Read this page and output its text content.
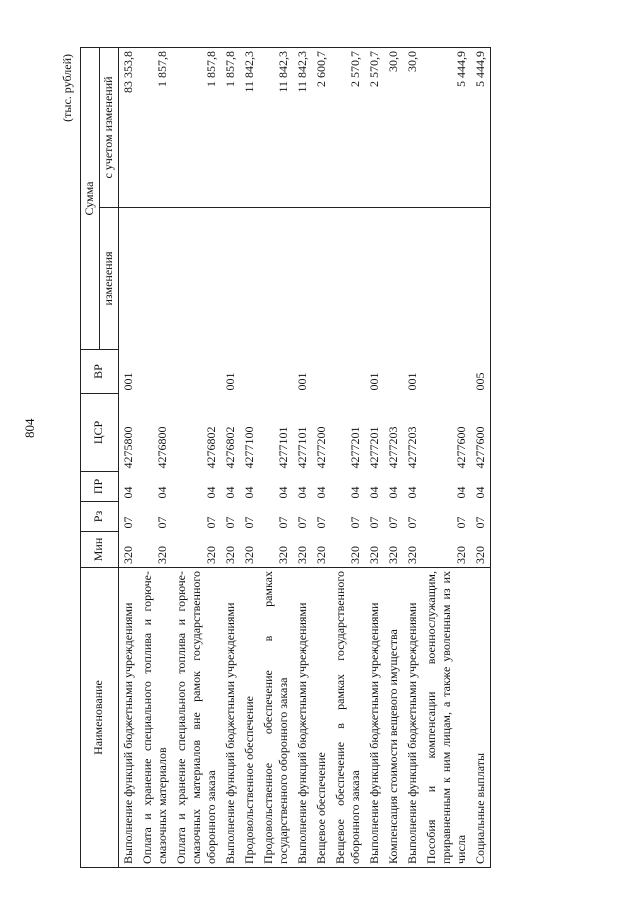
804
(тыс. рублей)
Наименование	Мин	Рз	ПР	ЦСР	ВР	Сумма	
						изменения	с учетом изменений
Выполнение функций бюджетными учреждениями	320	07	04	4275800	001		83 353,8
Оплата и хранение специального топлива и горюче-смазочных материалов	320	07	04	4276800			1 857,8
Оплата и хранение специального топлива и горюче-смазочных материалов вне рамок государственного оборонного заказа	320	07	04	4276802			1 857,8
Выполнение функций бюджетными учреждениями	320	07	04	4276802	001		1 857,8
Продовольственное обеспечение	320	07	04	4277100			11 842,3
Продовольственное обеспечение в рамках государственного оборонного заказа	320	07	04	4277101			11 842,3
Выполнение функций бюджетными учреждениями	320	07	04	4277101	001		11 842,3
Вещевое обеспечение	320	07	04	4277200			2 600,7
Вещевое обеспечение в рамках государственного оборонного заказа	320	07	04	4277201			2 570,7
Выполнение функций бюджетными учреждениями	320	07	04	4277201	001		2 570,7
Компенсация стоимости вещевого имущества	320	07	04	4277203			30,0
Выполнение функций бюджетными учреждениями	320	07	04	4277203	001		30,0
Пособия и компенсации военнослужащим, приравненным к ним лицам, а также уволенным из их числа	320	07	04	4277600			5 444,9
Социальные выплаты	320	07	04	4277600	005		5 444,9
